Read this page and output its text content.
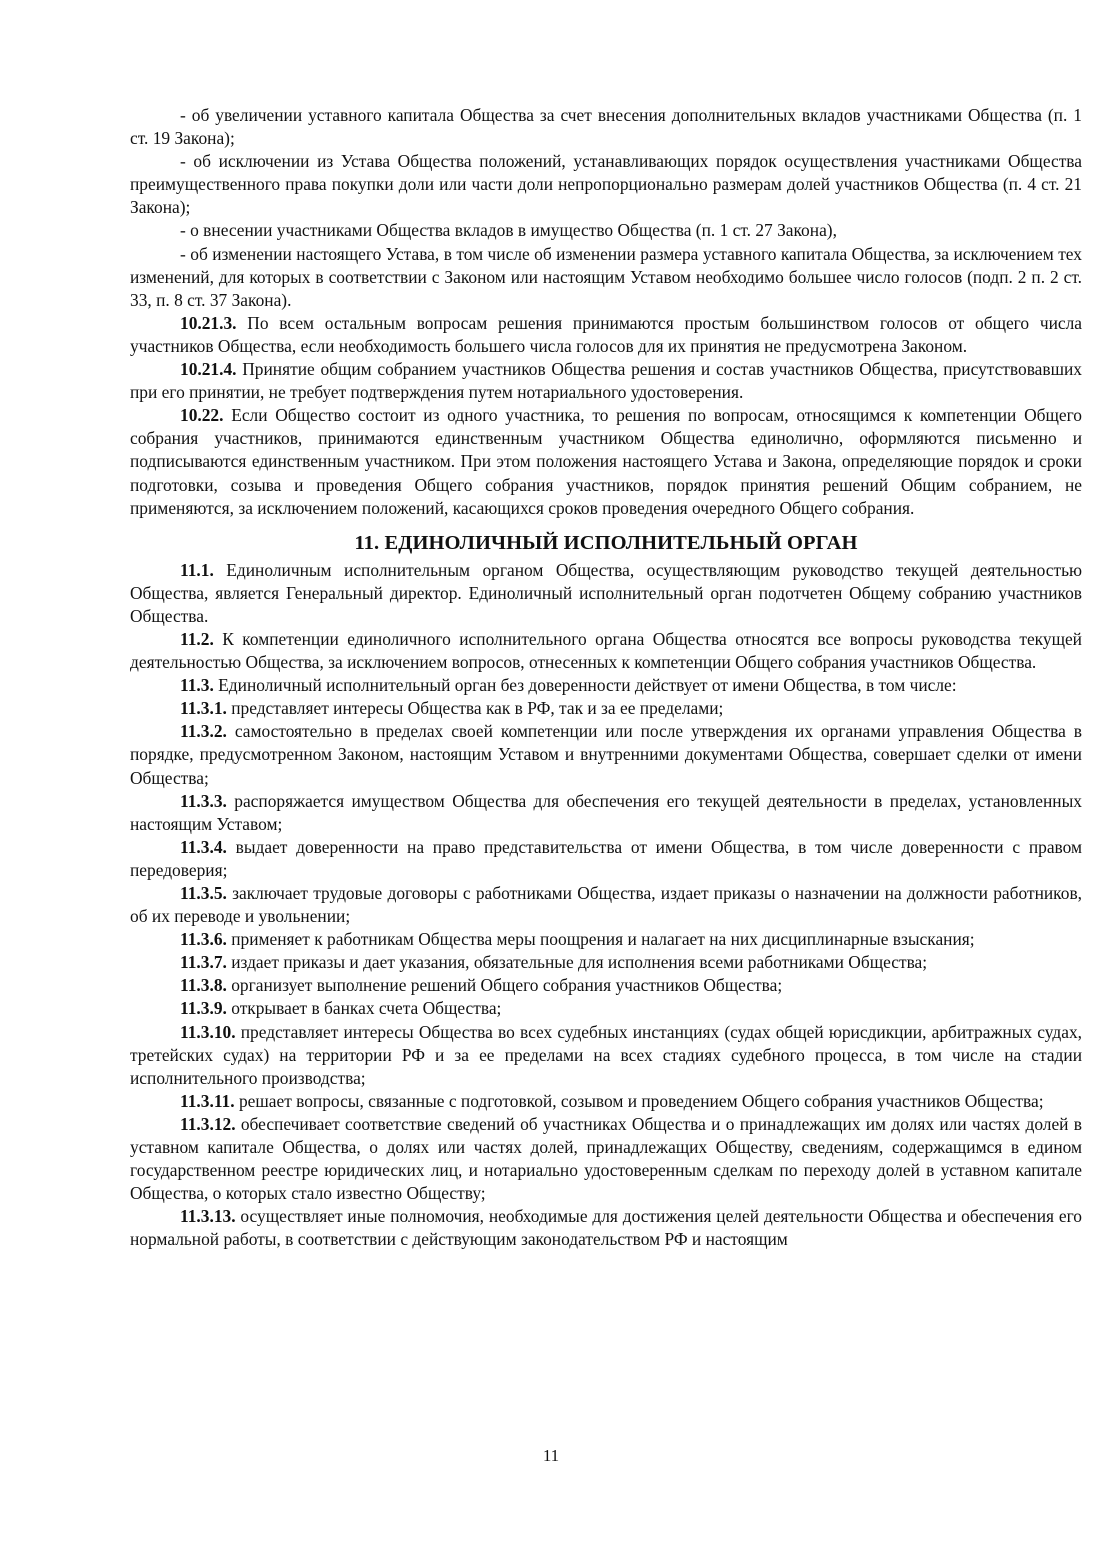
- об увеличении уставного капитала Общества за счет внесения дополнительных вкладов участниками Общества (п. 1 ст. 19 Закона);

- об исключении из Устава Общества положений, устанавливающих порядок осуществления участниками Общества преимущественного права покупки доли или части доли непропорционально размерам долей участников Общества (п. 4 ст. 21 Закона);

- о внесении участниками Общества вкладов в имущество Общества (п. 1 ст. 27 Закона),

- об изменении настоящего Устава, в том числе об изменении размера уставного капитала Общества, за исключением тех изменений, для которых в соответствии с Законом или настоящим Уставом необходимо большее число голосов (подп. 2 п. 2 ст. 33, п. 8 ст. 37 Закона).

10.21.3. По всем остальным вопросам решения принимаются простым большинством голосов от общего числа участников Общества, если необходимость большего числа голосов для их принятия не предусмотрена Законом.

10.21.4. Принятие общим собранием участников Общества решения и состав участников Общества, присутствовавших при его принятии, не требует подтверждения путем нотариального удостоверения.

10.22. Если Общество состоит из одного участника, то решения по вопросам, относящимся к компетенции Общего собрания участников, принимаются единственным участником Общества единолично, оформляются письменно и подписываются единственным участником. При этом положения настоящего Устава и Закона, определяющие порядок и сроки подготовки, созыва и проведения Общего собрания участников, порядок принятия решений Общим собранием, не применяются, за исключением положений, касающихся сроков проведения очередного Общего собрания.

11. ЕДИНОЛИЧНЫЙ ИСПОЛНИТЕЛЬНЫЙ ОРГАН

11.1. Единоличным исполнительным органом Общества, осуществляющим руководство текущей деятельностью Общества, является Генеральный директор. Единоличный исполнительный орган подотчетен Общему собранию участников Общества.

11.2. К компетенции единоличного исполнительного органа Общества относятся все вопросы руководства текущей деятельностью Общества, за исключением вопросов, отнесенных к компетенции Общего собрания участников Общества.

11.3. Единоличный исполнительный орган без доверенности действует от имени Общества, в том числе:

11.3.1. представляет интересы Общества как в РФ, так и за ее пределами;

11.3.2. самостоятельно в пределах своей компетенции или после утверждения их органами управления Общества в порядке, предусмотренном Законом, настоящим Уставом и внутренними документами Общества, совершает сделки от имени Общества;

11.3.3. распоряжается имуществом Общества для обеспечения его текущей деятельности в пределах, установленных настоящим Уставом;

11.3.4. выдает доверенности на право представительства от имени Общества, в том числе доверенности с правом передоверия;

11.3.5. заключает трудовые договоры с работниками Общества, издает приказы о назначении на должности работников, об их переводе и увольнении;

11.3.6. применяет к работникам Общества меры поощрения и налагает на них дисциплинарные взыскания;

11.3.7. издает приказы и дает указания, обязательные для исполнения всеми работниками Общества;

11.3.8. организует выполнение решений Общего собрания участников Общества;

11.3.9. открывает в банках счета Общества;

11.3.10. представляет интересы Общества во всех судебных инстанциях (судах общей юрисдикции, арбитражных судах, третейских судах) на территории РФ и за ее пределами на всех стадиях судебного процесса, в том числе на стадии исполнительного производства;

11.3.11. решает вопросы, связанные с подготовкой, созывом и проведением Общего собрания участников Общества;

11.3.12. обеспечивает соответствие сведений об участниках Общества и о принадлежащих им долях или частях долей в уставном капитале Общества, о долях или частях долей, принадлежащих Обществу, сведениям, содержащимся в едином государственном реестре юридических лиц, и нотариально удостоверенным сделкам по переходу долей в уставном капитале Общества, о которых стало известно Обществу;

11.3.13. осуществляет иные полномочия, необходимые для достижения целей деятельности Общества и обеспечения его нормальной работы, в соответствии с действующим законодательством РФ и настоящим

11
